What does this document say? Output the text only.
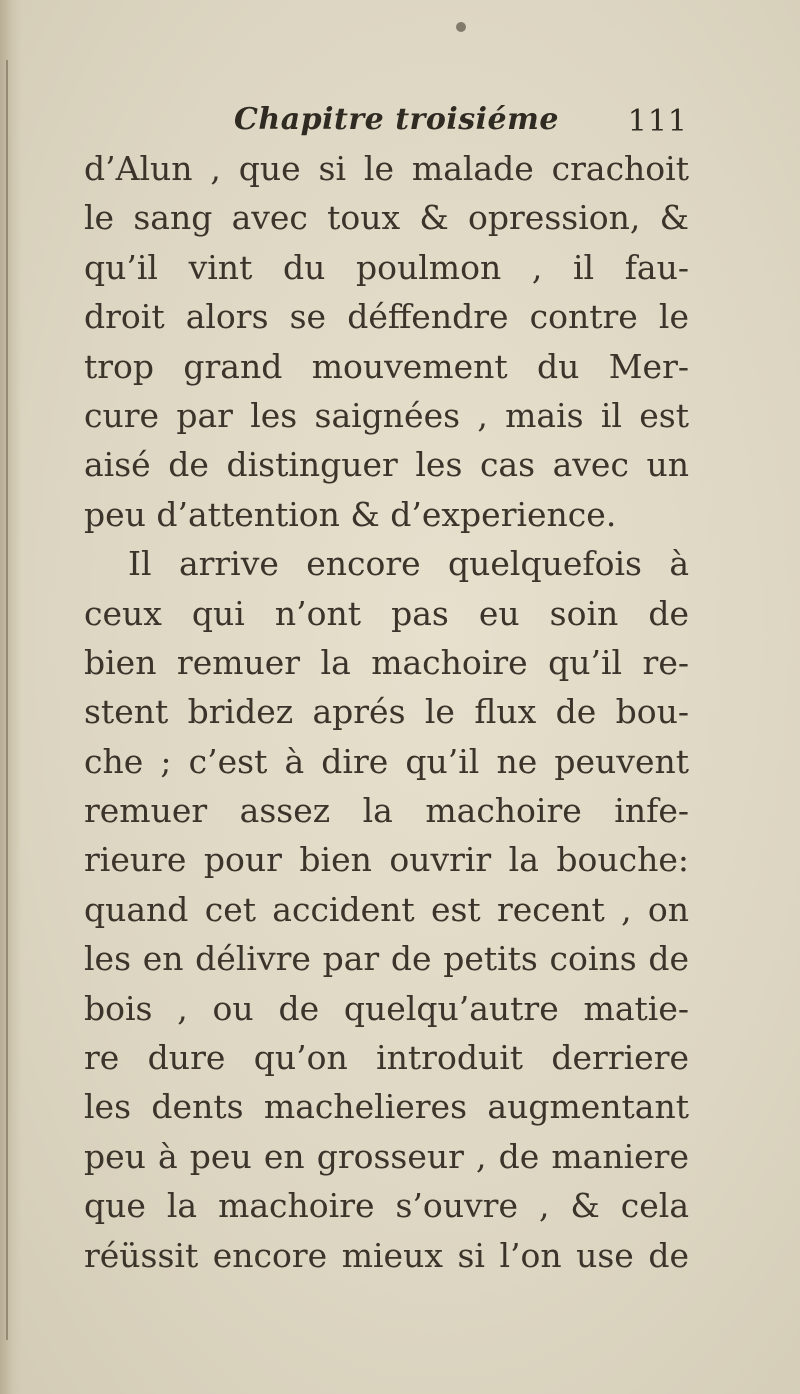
Chapitre troisiéme 111
d’Alun , que si le malade crachoit
le sang avec toux & opression, &
qu’il vint du poulmon , il fau-
droit alors se déffendre contre le
trop grand mouvement du Mer-
cure par les saignées , mais il est
aisé de distinguer les cas avec un
peu d’attention & d’experience.
Il arrive encore quelquefois à
ceux qui n’ont pas eu soin de
bien remuer la machoire qu’il re-
stent bridez aprés le flux de bou-
che ; c’est à dire qu’il ne peuvent
remuer assez la machoire infe-
rieure pour bien ouvrir la bouche:
quand cet accident est recent , on
les en délivre par de petits coins de
bois , ou de quelqu’autre matie-
re dure qu’on introduit derriere
les dents machelieres augmentant
peu à peu en grosseur , de maniere
que la machoire s’ouvre , & cela
réüssit encore mieux si l’on use de
